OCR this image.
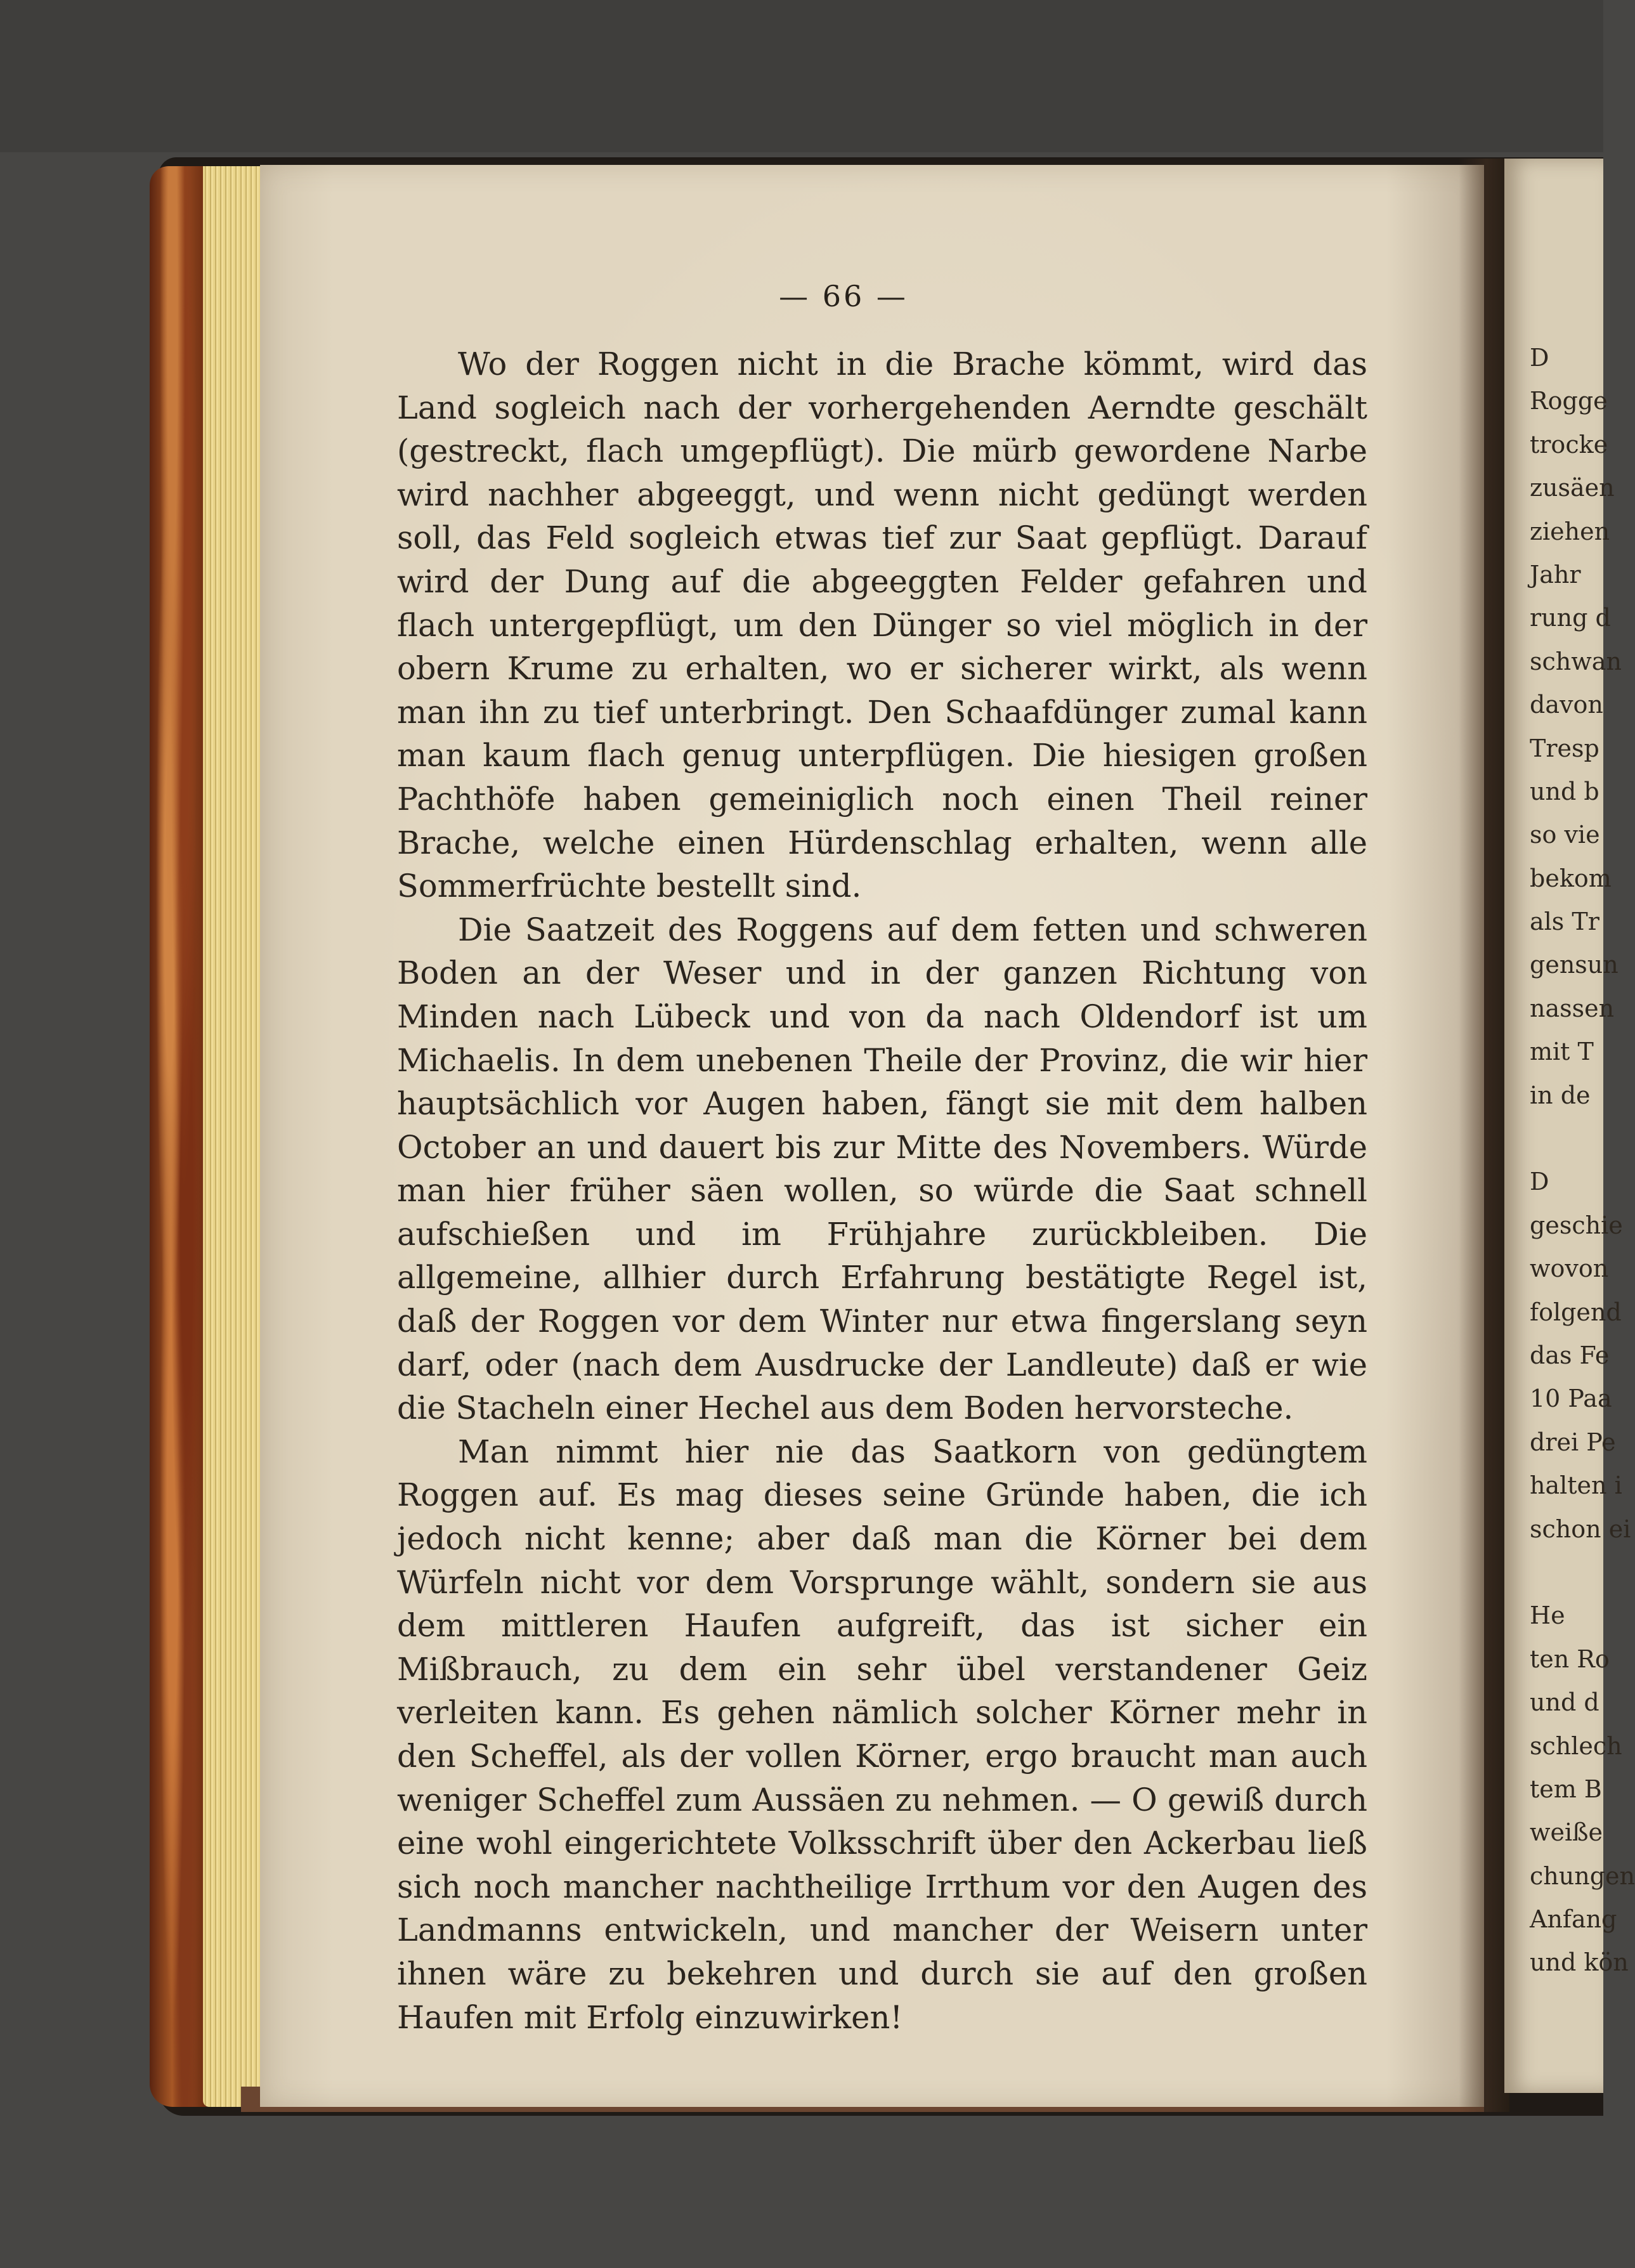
— 66 —

Wo der Roggen nicht in die Brache kömmt, wird das Land sogleich nach der vorhergehenden Aerndte geschält (gestreckt, flach umgepflügt). Die mürb gewordene Narbe wird nachher abgeeggt, und wenn nicht gedüngt werden soll, das Feld sogleich etwas tief zur Saat gepflügt. Darauf wird der Dung auf die abgeeggten Felder gefahren und flach untergepflügt, um den Dünger so viel möglich in der obern Krume zu erhalten, wo er sicherer wirkt, als wenn man ihn zu tief unterbringt. Den Schaafdünger zumal kann man kaum flach genug unterpflügen. Die hiesigen großen Pachthöfe haben gemeiniglich noch einen Theil reiner Brache, welche einen Hürdenschlag erhalten, wenn alle Sommerfrüchte bestellt sind.

Die Saatzeit des Roggens auf dem fetten und schweren Boden an der Weser und in der ganzen Richtung von Minden nach Lübeck und von da nach Oldendorf ist um Michaelis. In dem unebenen Theile der Provinz, die wir hier hauptsächlich vor Augen haben, fängt sie mit dem halben October an und dauert bis zur Mitte des Novembers. Würde man hier früher säen wollen, so würde die Saat schnell aufschießen und im Frühjahre zurückbleiben. Die allgemeine, allhier durch Erfahrung bestätigte Regel ist, daß der Roggen vor dem Winter nur etwa fingerslang seyn darf, oder (nach dem Ausdrucke der Landleute) daß er wie die Stacheln einer Hechel aus dem Boden hervorsteche.

Man nimmt hier nie das Saatkorn von gedüngtem Roggen auf. Es mag dieses seine Gründe haben, die ich jedoch nicht kenne; aber daß man die Körner bei dem Würfeln nicht vor dem Vorsprunge wählt, sondern sie aus dem mittleren Haufen aufgreift, das ist sicher ein Mißbrauch, zu dem ein sehr übel verstandener Geiz verleiten kann. Es gehen nämlich solcher Körner mehr in den Scheffel, als der vollen Körner, ergo braucht man auch weniger Scheffel zum Aussäen zu nehmen. — O gewiß durch eine wohl eingerichtete Volksschrift über den Ackerbau ließ sich noch mancher nachtheilige Irrthum vor den Augen des Landmanns entwickeln, und mancher der Weisern unter ihnen wäre zu bekehren und durch sie auf den großen Haufen mit Erfolg einzuwirken!

D
Rogge
trocke
zusäen
ziehen
Jahr
rung d
schwan
davon
Tresp
und b
so vie
bekom
als Tr
gensun
nassen
mit T
in de
D
geschie
wovon
folgend
das Fe
10 Paa
drei Pe
halten i
schon ei
He
ten Ro
und d
schlech
tem B
weiße
chungen
Anfang
und kön
